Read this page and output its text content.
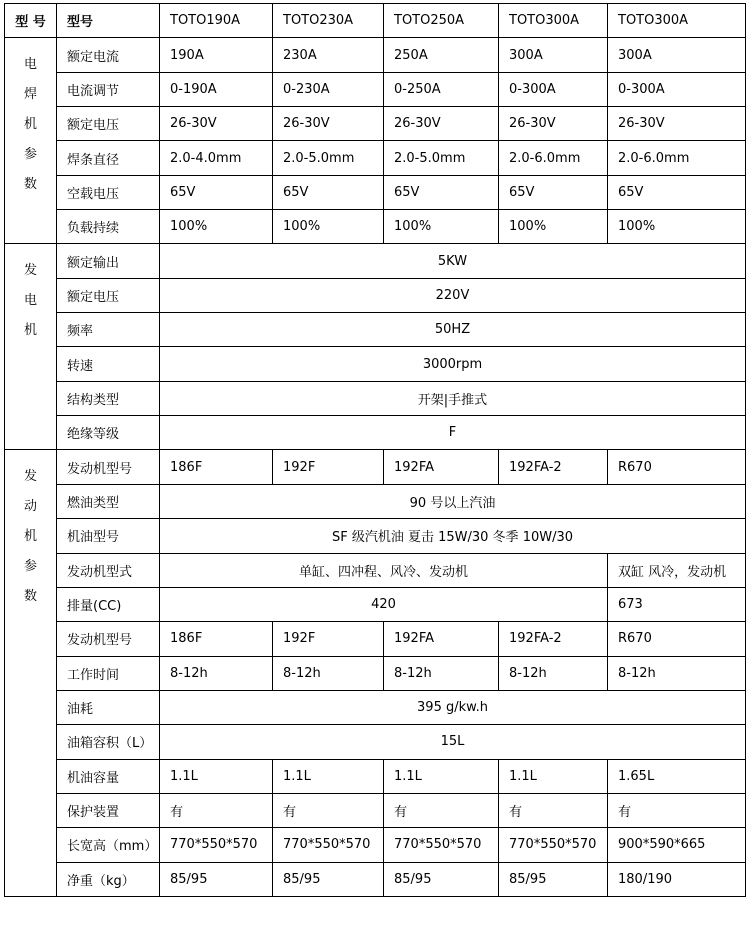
型 号	型号	TOTO190A	TOTO230A	TOTO250A	TOTO300A	TOTO300A

电
焊
机
参
数	额定电流	190A	230A	250A	300A	300A
	电流调节	0-190A	0-230A	0-250A	0-300A	0-300A
	额定电压	26-30V	26-30V	26-30V	26-30V	26-30V
	焊条直径	2.0-4.0mm	2.0-5.0mm	2.0-5.0mm	2.0-6.0mm	2.0-6.0mm
	空载电压	65V	65V	65V	65V	65V
	负载持续	100%	100%	100%	100%	100%

发
电
机	额定输出	5KW				
	额定电压	220V				
	频率	50HZ				
	转速	3000rpm				
	结构类型	开架|手推式				
	绝缘等级	F				

发
动
机
参
数	发动机型号	186F	192F	192FA	192FA-2	R670
	燃油类型	90 号以上汽油				
	机油型号	SF 级汽机油 夏击 15W/30 冬季 10W/30				
	发动机型式	单缸、四冲程、风冷、发动机				双缸 风冷，发动机
	排量(CC)	420				673
	发动机型号	186F	192F	192FA	192FA-2	R670
	工作时间	8-12h	8-12h	8-12h	8-12h	8-12h
	油耗	395 g/kw.h				
	油箱容积（L）	15L				
	机油容量	1.1L	1.1L	1.1L	1.1L	1.65L
	保护装置	有	有	有	有	有
	长宽高（mm）	770*550*570	770*550*570	770*550*570	770*550*570	900*590*665
	净重（kg）	85/95	85/95	85/95	85/95	180/190
